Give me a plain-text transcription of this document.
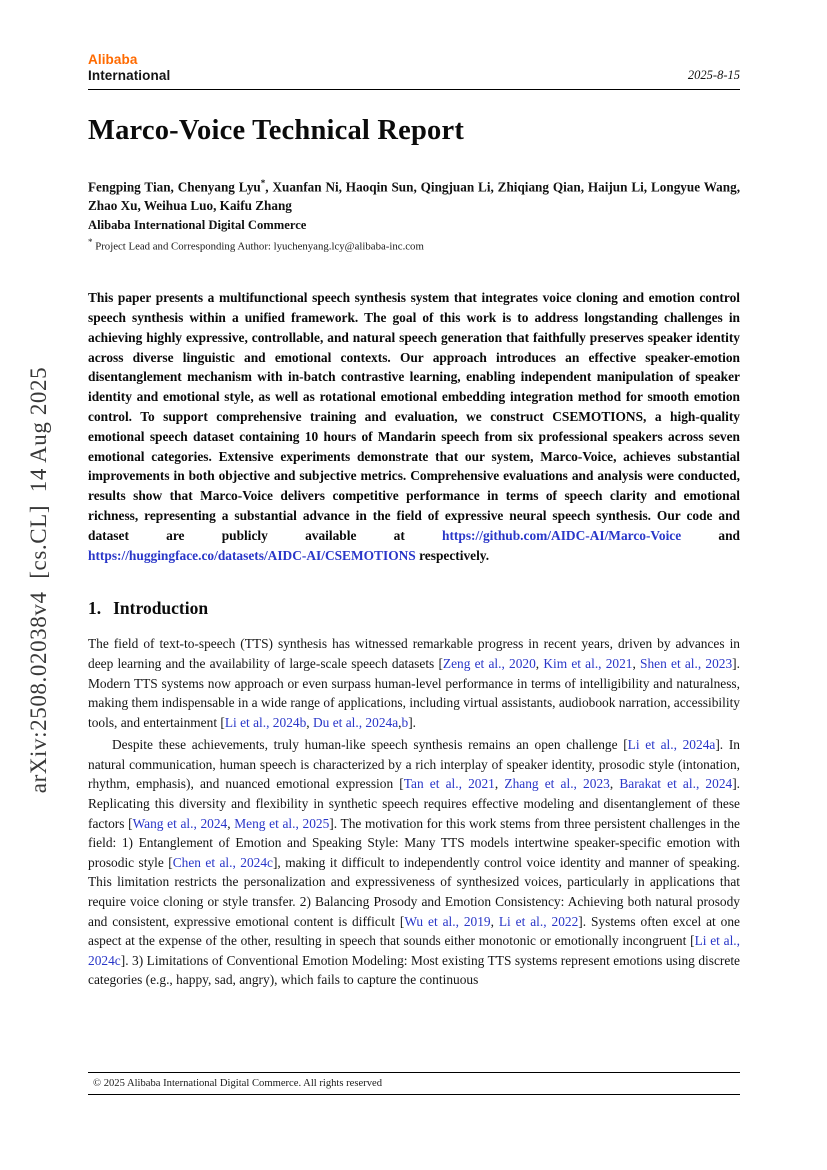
arXiv:2508.02038v4  [cs.CL]  14 Aug 2025
Alibaba
International	2025-8-15
Marco-Voice Technical Report
Fengping Tian, Chenyang Lyu*, Xuanfan Ni, Haoqin Sun, Qingjuan Li, Zhiqiang Qian, Haijun Li, Longyue Wang, Zhao Xu, Weihua Luo, Kaifu Zhang
Alibaba International Digital Commerce
* Project Lead and Corresponding Author: lyuchenyang.lcy@alibaba-inc.com
This paper presents a multifunctional speech synthesis system that integrates voice cloning and emotion control speech synthesis within a unified framework. The goal of this work is to address longstanding challenges in achieving highly expressive, controllable, and natural speech generation that faithfully preserves speaker identity across diverse linguistic and emotional contexts. Our approach introduces an effective speaker-emotion disentanglement mechanism with in-batch contrastive learning, enabling independent manipulation of speaker identity and emotional style, as well as rotational emotional embedding integration method for smooth emotion control. To support comprehensive training and evaluation, we construct CSEMOTIONS, a high-quality emotional speech dataset containing 10 hours of Mandarin speech from six professional speakers across seven emotional categories. Extensive experiments demonstrate that our system, Marco-Voice, achieves substantial improvements in both objective and subjective metrics. Comprehensive evaluations and analysis were conducted, results show that Marco-Voice delivers competitive performance in terms of speech clarity and emotional richness, representing a substantial advance in the field of expressive neural speech synthesis. Our code and dataset are publicly available at https://github.com/AIDC-AI/Marco-Voice and https://huggingface.co/datasets/AIDC-AI/CSEMOTIONS respectively.
1. Introduction
The field of text-to-speech (TTS) synthesis has witnessed remarkable progress in recent years, driven by advances in deep learning and the availability of large-scale speech datasets [Zeng et al., 2020, Kim et al., 2021, Shen et al., 2023]. Modern TTS systems now approach or even surpass human-level performance in terms of intelligibility and naturalness, making them indispensable in a wide range of applications, including virtual assistants, audiobook narration, accessibility tools, and entertainment [Li et al., 2024b, Du et al., 2024a,b].
Despite these achievements, truly human-like speech synthesis remains an open challenge [Li et al., 2024a]. In natural communication, human speech is characterized by a rich interplay of speaker identity, prosodic style (intonation, rhythm, emphasis), and nuanced emotional expression [Tan et al., 2021, Zhang et al., 2023, Barakat et al., 2024]. Replicating this diversity and flexibility in synthetic speech requires effective modeling and disentanglement of these factors [Wang et al., 2024, Meng et al., 2025]. The motivation for this work stems from three persistent challenges in the field: 1) Entanglement of Emotion and Speaking Style: Many TTS models intertwine speaker-specific emotion with prosodic style [Chen et al., 2024c], making it difficult to independently control voice identity and manner of speaking. This limitation restricts the personalization and expressiveness of synthesized voices, particularly in applications that require voice cloning or style transfer. 2) Balancing Prosody and Emotion Consistency: Achieving both natural prosody and consistent, expressive emotional content is difficult [Wu et al., 2019, Li et al., 2022]. Systems often excel at one aspect at the expense of the other, resulting in speech that sounds either monotonic or emotionally incongruent [Li et al., 2024c]. 3) Limitations of Conventional Emotion Modeling: Most existing TTS systems represent emotions using discrete categories (e.g., happy, sad, angry), which fails to capture the continuous
© 2025 Alibaba International Digital Commerce. All rights reserved
